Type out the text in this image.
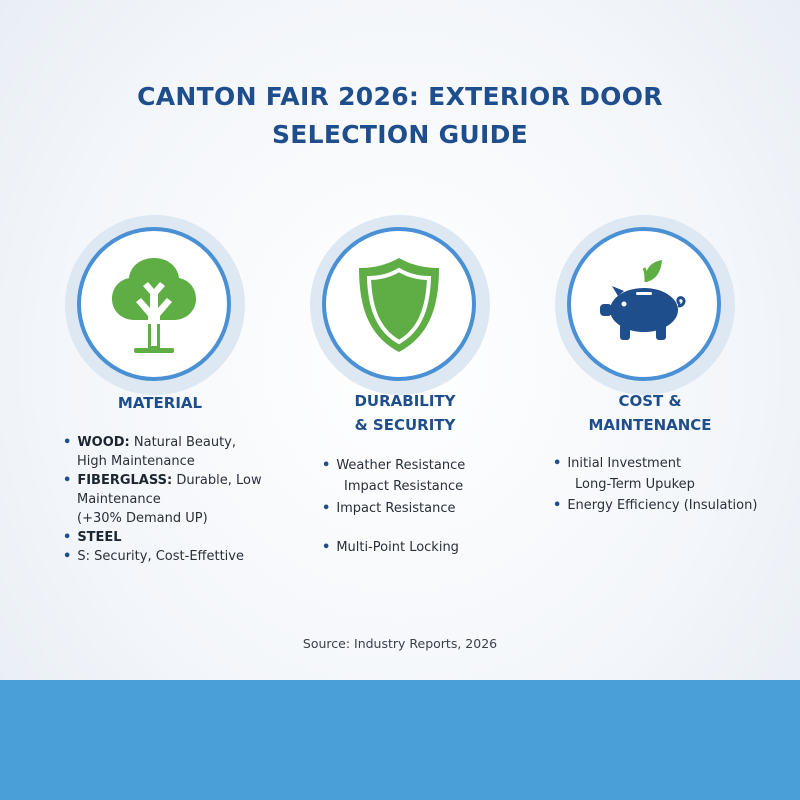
CANTON FAIR 2026: EXTERIOR DOOR SELECTION GUIDE
MATERIAL
• WOOD: Natural Beauty,
High Maintenance
• FIBERGLASS: Durable, Low
Maintenance
(+30% Demand UP)
• STEEL
• S: Security, Cost-Effettive
DURABILITY
& SECURITY
• Weather Resistance
Impact Resistance
• Impact Resistance
• Multi-Point Locking
COST &
MAINTENANCE
• Initial Investment
Long-Term Upukep
• Energy Efficiency (Insulation)
Source: Industry Reports, 2026
